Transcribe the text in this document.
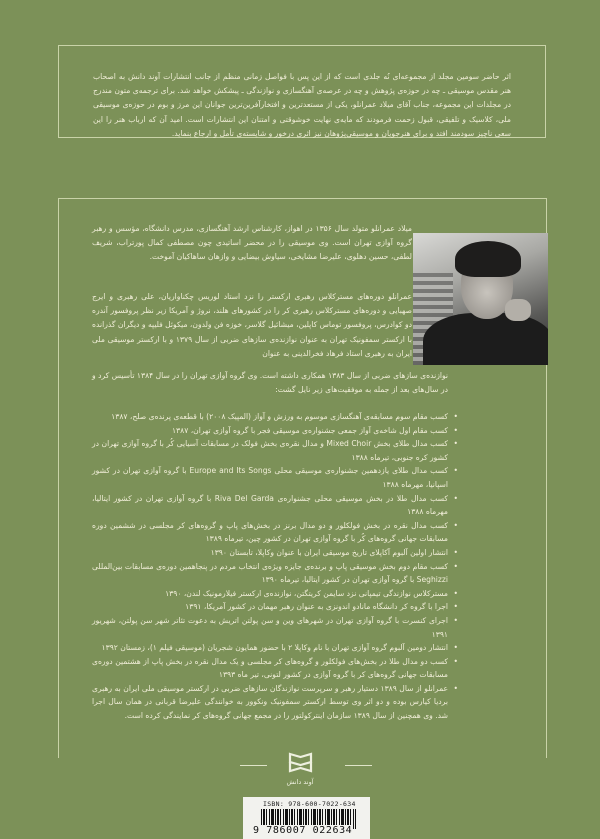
اثر حاضر سومین مجلد از مجموعه‌ای نُه جلدی است که از این پس با فواصل زمانی منظم از جانب انتشارات آوند دانش به اصحاب هنر مقدس موسیقی ـ چه در حوزه‌ی پژوهش و چه در عرصه‌ی آهنگسازی و نوازندگی ـ پیشکش خواهد شد. برای ترجمه‌ی متون مندرج در مجلدات این مجموعه، جناب آقای میلاد عمرانلو، یکی از مستعدترین و افتخارآفرین‌ترین جوانان این مرز و بوم در حوزه‌ی موسیقی ملی، کلاسیک و تلفیقی، قبول زحمت فرمودند که مایه‌ی نهایت خوشوقتی و امتنان این انتشارات است. امید آن که ارباب هنر را این سعی ناچیز سودمند افتد و برای هنرجویان و موسیقی‌پژوهان نیز اثری درخور و شایسته‌ی تأمل و ارجاع بنماید.
میلاد عمرانلو متولد سال ۱۳۵۶ در اهواز، کارشناس ارشد آهنگسازی، مدرس دانشگاه، مؤسس و رهبر گروه آوازی تهران است. وی موسیقی را در محضر اساتیدی چون مصطفی کمال پورتراب، شریف لطفی، حسین دهلوی، علیرضا مشایخی، سیاوش بیضایی و وازهان ساهاکیان آموخت.
عمرانلو دوره‌های مسترکلاس رهبری ارکستر را نزد استاد لوریس چکناواریان، علی رهبری و ایرج صهبایی و دوره‌های مسترکلاس رهبری کر را در کشورهای هلند، نروژ و آمریکا زیر نظر پروفسور آندره دو کوادرس، پروفسور توماس کاپلین، میشائیل گلاسر، خوزه فن ولدون، میکوئل فلیپه و دیگران گذرانده با ارکستر سمفونیک تهران به عنوان نوازنده‌ی سازهای ضربی از سال ۱۳۷۹ و با ارکستر موسیقی ملی ایران به رهبری استاد فرهاد فخرالدینی به عنوان
نوازنده‌ی سازهای ضربی از سال ۱۳۸۳ همکاری داشته است. وی گروه آوازی تهران را در سال ۱۳۸۴ تأسیس کرد و در سال‌های بعد از جمله به موفقیت‌های زیر نایل گشت:
• کسب مقام سوم مسابقه‌ی آهنگسازی موسوم به ورزش و آواز (المپیک ۲۰۰۸) با قطعه‌ی پرنده‌ی صلح، ۱۳۸۷
• کسب مقام اول شاخه‌ی آواز جمعی جشنواره‌ی موسیقی فجر با گروه آوازی تهران، ۱۳۸۷
• کسب مدال طلای بخش Mixed Choir و مدال نقره‌ی بخش فولک در مسابقات آسیایی کُر با گروه آوازی تهران در کشور کره جنوبی، تیرماه ۱۳۸۸
• کسب مدال طلای یازدهمین جشنواره‌ی موسیقی محلی Europe and Its Songs با گروه آوازی تهران در کشور اسپانیا، مهرماه ۱۳۸۸
• کسب مدال طلا در بخش موسیقی محلی جشنواره‌ی Riva Del Garda با گروه آوازی تهران در کشور ایتالیا، مهرماه ۱۳۸۸
• کسب مدال نقره در بخش فولکلور و دو مدال برنز در بخش‌های پاپ و گروه‌های کر مجلسی در ششمین دوره مسابقات جهانی گروه‌های کُر با گروه آوازی تهران در کشور چین، تیرماه ۱۳۸۹
• انتشار اولین آلبوم آکاپلای تاریخ موسیقی ایران با عنوان وکاپلا، تابستان ۱۳۹۰
• کسب مقام دوم بخش موسیقی پاپ و برنده‌ی جایزه ویژه‌ی انتخاب مردم در پنجاهمین دوره‌ی مسابقات بین‌المللی Seghizzi با گروه آوازی تهران در کشور ایتالیا، تیرماه ۱۳۹۰
• مسترکلاس نوازندگی تیمپانی نزد سایمن کریتگتن، نوازنده‌ی ارکستر فیلارمونیک لندن، ۱۳۹۰
• اجرا با گروه کر دانشگاه مانادو اندونزی به عنوان رهبر مهمان در کشور آمریکا، ۱۳۹۱
• اجرای کنسرت با گروه آوازی تهران در شهرهای وین و سن پولتن اتریش به دعوت تئاتر شهر سن پولتن، شهریور ۱۳۹۱
• انتشار دومین آلبوم گروه آوازی تهران با نام وکاپلا ۲ با حضور همایون شجریان (موسیقی فیلم ۱)، زمستان ۱۳۹۲
• کسب دو مدال طلا در بخش‌های فولکلور و گروه‌های کر مجلسی و یک مدال نقره در بخش پاپ از هشتمین دوره‌ی مسابقات جهانی گروه‌های کر با گروه آوازی در کشور لتونی، تیر ماه ۱۳۹۳
• عمرانلو از سال ۱۳۸۹ دستیار رهبر و سرپرست نوازندگان سازهای ضربی در ارکستر موسیقی ملی ایران به رهبری بردیا کیارس بوده و دو اثر وی توسط ارکستر سمفونیک ونکوور به خوانندگی علیرضا قربانی در همان سال اجرا شد. وی همچنین از سال ۱۳۸۹ سازمان اینترکولتور را در مجمع جهانی گروه‌های کر نمایندگی کرده است.
آوند دانش
ISBN: 978-600-7022-634
9 786007 022634
